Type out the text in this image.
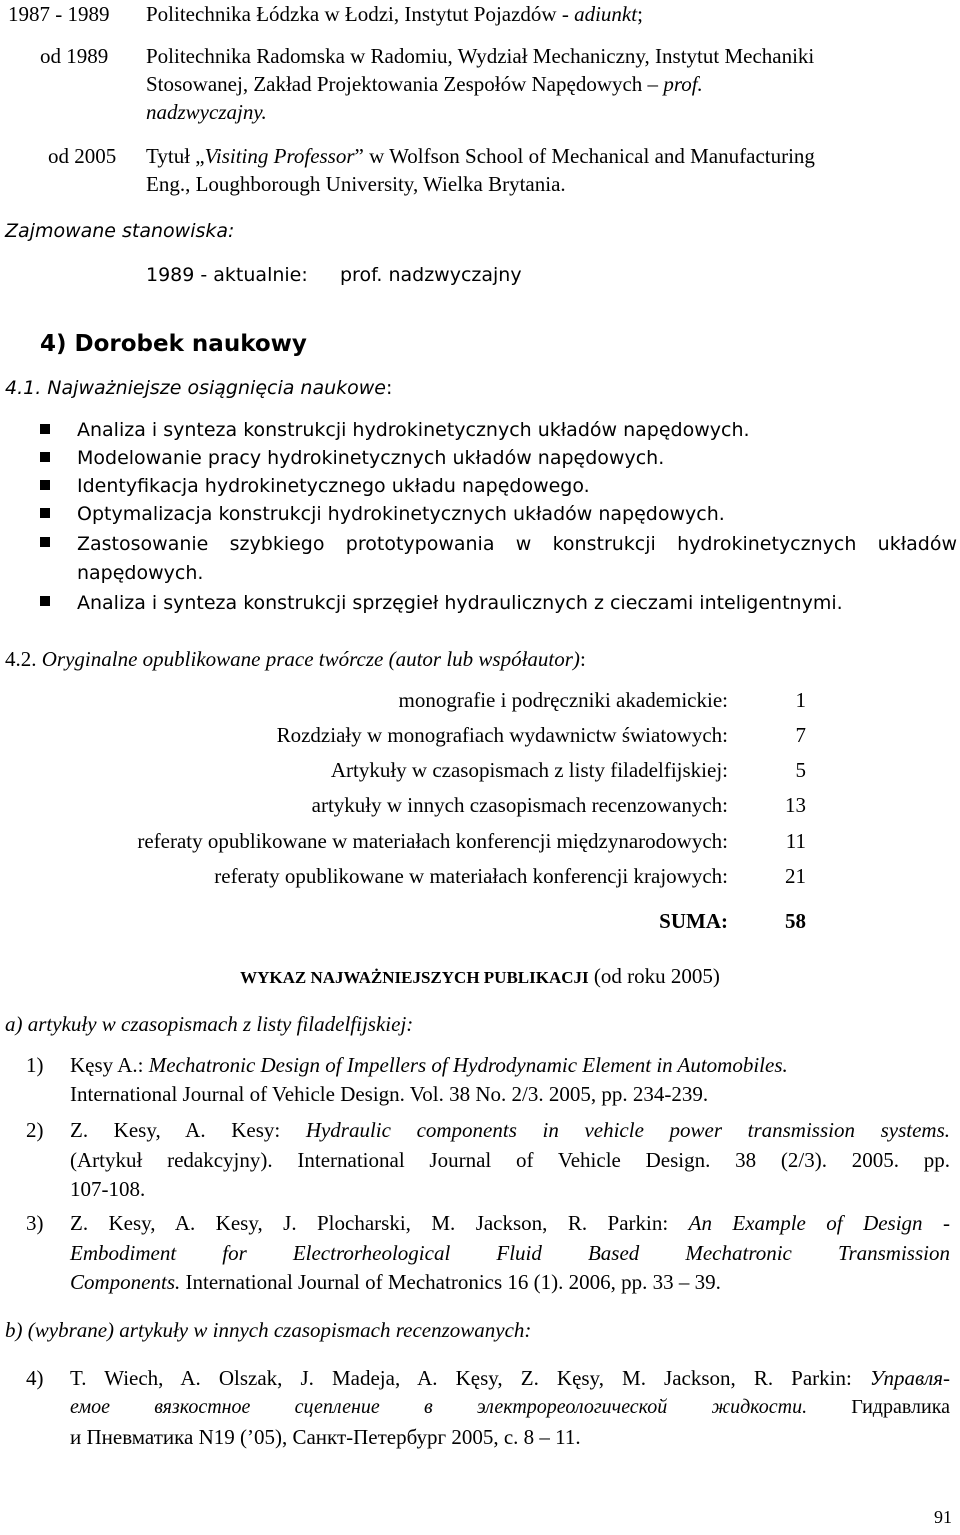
1987 - 1989 Politechnika Łódzka w Łodzi, Instytut Pojazdów - adiunkt;
od 1989 Politechnika Radomska w Radomiu, Wydział Mechaniczny, Instytut Mechaniki
Stosowanej, Zakład Projektowania Zespołów Napędowych – prof.
nadzwyczajny.
od 2005 Tytuł „Visiting Professor” w Wolfson School of Mechanical and Manufacturing
Eng., Loughborough University, Wielka Brytania.
Zajmowane stanowiska:
1989 - aktualnie: prof. nadzwyczajny
4) Dorobek naukowy
4.1. Najważniejsze osiągnięcia naukowe:
Analiza i synteza konstrukcji hydrokinetycznych układów napędowych.
Modelowanie pracy hydrokinetycznych układów napędowych.
Identyfikacja hydrokinetycznego układu napędowego.
Optymalizacja konstrukcji hydrokinetycznych układów napędowych.
Zastosowanie szybkiego prototypowania w konstrukcji hydrokinetycznych układów
napędowych.
Analiza i synteza konstrukcji sprzęgieł hydraulicznych z cieczami inteligentnymi.
4.2. Oryginalne opublikowane prace twórcze (autor lub współautor):
monografie i podręczniki akademickie:	1
Rozdziały w monografiach wydawnictw światowych:	7
Artykuły w czasopismach z listy filadelfijskiej:	5
artykuły w innych czasopismach recenzowanych:	13
referaty opublikowane w materiałach konferencji międzynarodowych:	11
referaty opublikowane w materiałach konferencji krajowych:	21
SUMA:	58
WYKAZ NAJWAŻNIEJSZYCH PUBLIKACJI (od roku 2005)
a) artykuły w czasopismach z listy filadelfijskiej:
1) Kęsy A.: Mechatronic Design of Impellers of Hydrodynamic Element in Automobiles.
International Journal of Vehicle Design. Vol. 38 No. 2/3. 2005, pp. 234-239.
2) Z. Kesy, A. Kesy: Hydraulic components in vehicle power transmission systems.
(Artykuł redakcyjny). International Journal of Vehicle Design. 38 (2/3). 2005. pp.
107-108.
3) Z. Kesy, A. Kesy, J. Plocharski, M. Jackson, R. Parkin: An Example of Design -
Embodiment for Electrorheological Fluid Based Mechatronic Transmission
Components. International Journal of Mechatronics 16 (1). 2006, pp. 33 – 39.
b) (wybrane) artykuły w innych czasopismach recenzowanych:
4) T. Wiech, A. Olszak, J. Madeja, A. Kęsy, Z. Kęsy, M. Jackson, R. Parkin: Управля-
емое вязкостное сцепление в электрореологической жидкости. Гидравлика
и Пневматика N19 (’05), Санкт-Петербург 2005, с. 8 – 11.
91
